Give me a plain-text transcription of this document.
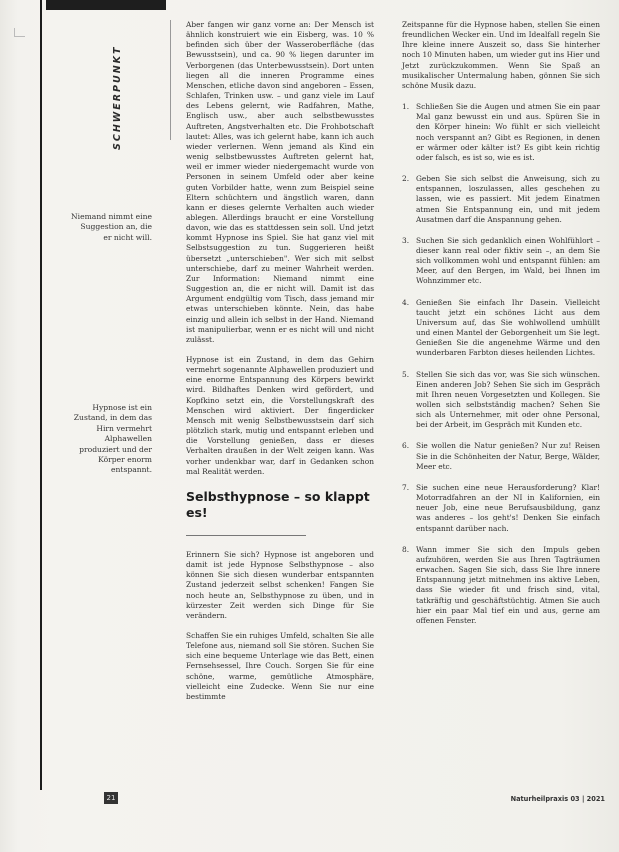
SCHWERPUNKT
Niemand nimmt eine Suggestion an, die er nicht will.
Hypnose ist ein Zustand, in dem das Hirn vermehrt Alphawellen produziert und der Körper enorm entspannt.

Aber fangen wir ganz vorne an: Der Mensch ist ähnlich konstruiert wie ein Eisberg, was. 10 % befinden sich über der Wasseroberfläche (das Bewusstsein), und ca. 90 % liegen darunter im Verborgenen (das Unterbewusstsein). Dort unten liegen all die inneren Programme eines Menschen, etliche davon sind angeboren – Essen, Schlafen, Trinken usw. – und ganz viele im Lauf des Lebens gelernt, wie Radfahren, Mathe, Englisch usw., aber auch selbstbewusstes Auftreten, Angstverhalten etc. Die Frohbotschaft lautet: Alles, was ich gelernt habe, kann ich auch wieder verlernen. Wenn jemand als Kind ein wenig selbstbewusstes Auftreten gelernt hat, weil er immer wieder niedergemacht wurde von Personen in seinem Umfeld oder aber keine guten Vorbilder hatte, wenn zum Beispiel seine Eltern schüchtern und ängstlich waren, dann kann er dieses gelernte Verhalten auch wieder ablegen. Allerdings braucht er eine Vorstellung davon, wie das es stattdessen sein soll. Und jetzt kommt Hypnose ins Spiel. Sie hat ganz viel mit Selbstsuggestion zu tun. Suggerieren heißt übersetzt „unterschieben". Wer sich mit selbst unterschiebe, darf zu meiner Wahrheit werden. Zur Information: Niemand nimmt eine Suggestion an, die er nicht will. Damit ist das Argument endgültig vom Tisch, dass jemand mir etwas unterschieben könnte. Nein, das habe einzig und allein ich selbst in der Hand. Niemand ist manipulierbar, wenn er es nicht will und nicht zulässt.

Hypnose ist ein Zustand, in dem das Gehirn vermehrt sogenannte Alphawellen produziert und eine enorme Entspannung des Körpers bewirkt wird. Bildhaftes Denken wird gefördert, und Kopfkino setzt ein, die Vorstellungskraft des Menschen wird aktiviert. Der fingerdicker Mensch mit wenig Selbstbewusstsein darf sich plötzlich stark, mutig und entspannt erleben und die Vorstellung genießen, dass er dieses Verhalten draußen in der Welt zeigen kann. Was vorher undenkbar war, darf in Gedanken schon mal Realität werden.

Selbsthypnose – so klappt es!

Erinnern Sie sich? Hypnose ist angeboren und damit ist jede Hypnose Selbsthypnose – also können Sie sich diesen wunderbar entspannten Zustand jederzeit selbst schenken! Fangen Sie noch heute an, Selbsthypnose zu üben, und in kürzester Zeit werden sich Dinge für Sie verändern.

Schaffen Sie ein ruhiges Umfeld, schalten Sie alle Telefone aus, niemand soll Sie stören. Suchen Sie sich eine bequeme Unterlage wie das Bett, einen Fernsehsessel, Ihre Couch. Sorgen Sie für eine schöne, warme, gemütliche Atmosphäre, vielleicht eine Zudecke. Wenn Sie nur eine bestimmte

Zeitspanne für die Hypnose haben, stellen Sie einen freundlichen Wecker ein. Und im Idealfall regeln Sie Ihre kleine innere Auszeit so, dass Sie hinterher noch 10 Minuten haben, um wieder gut ins Hier und Jetzt zurückzukommen. Wenn Sie Spaß an musikalischer Untermalung haben, gönnen Sie sich schöne Musik dazu.

1. Schließen Sie die Augen und atmen Sie ein paar Mal ganz bewusst ein und aus. Spüren Sie in den Körper hinein: Wo fühlt er sich vielleicht noch verspannt an? Gibt es Regionen, in denen er wärmer oder kälter ist? Es gibt kein richtig oder falsch, es ist so, wie es ist.
2. Geben Sie sich selbst die Anweisung, sich zu entspannen, loszulassen, alles geschehen zu lassen, wie es passiert. Mit jedem Einatmen atmen Sie Entspannung ein, und mit jedem Ausatmen darf die Anspannung gehen.
3. Suchen Sie sich gedanklich einen Wohlfühlort – dieser kann real oder fiktiv sein –, an dem Sie sich vollkommen wohl und entspannt fühlen: am Meer, auf den Bergen, im Wald, bei Ihnen im Wohnzimmer etc.
4. Genießen Sie einfach Ihr Dasein. Vielleicht taucht jetzt ein schönes Licht aus dem Universum auf, das Sie wohlwollend umhüllt und einen Mantel der Geborgenheit um Sie legt. Genießen Sie die angenehme Wärme und den wunderbaren Farbton dieses heilenden Lichtes.
5. Stellen Sie sich das vor, was Sie sich wünschen. Einen anderen Job? Sehen Sie sich im Gespräch mit Ihren neuen Vorgesetzten und Kollegen. Sie wollen sich selbstständig machen? Sehen Sie sich als Unternehmer, mit oder ohne Personal, bei der Arbeit, im Gespräch mit Kunden etc.
6. Sie wollen die Natur genießen? Nur zu! Reisen Sie in die Schönheiten der Natur, Berge, Wälder, Meer etc.
7. Sie suchen eine neue Herausforderung? Klar! Motorradfahren an der NI in Kalifornien, ein neuer Job, eine neue Berufsausbildung, ganz was anderes – los geht's! Denken Sie einfach entspannt darüber nach.
8. Wann immer Sie sich den Impuls geben aufzuhören, werden Sie aus Ihren Tagträumen erwachen. Sagen Sie sich, dass Sie Ihre innere Entspannung jetzt mitnehmen ins aktive Leben, dass Sie wieder fit und frisch sind, vital, tatkräftig und geschäftstüchtig. Atmen Sie auch hier ein paar Mal tief ein und aus, gerne am offenen Fenster.
21	Naturheilpraxis 03 | 2021
